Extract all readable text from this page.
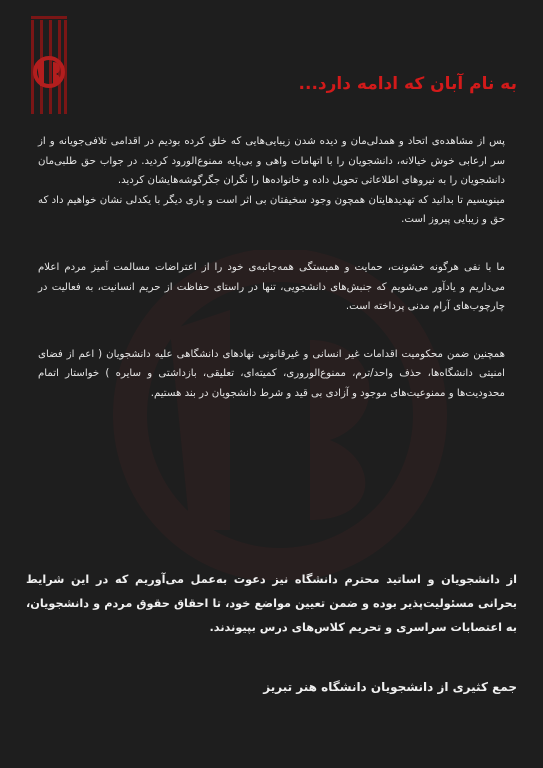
به نام آبان که ادامه دارد...

پس از مشاهده‌ی اتحاد و همدلی‌مان و دیده شدن زیبایی‌هایی که خلق کرده بودیم در اقدامی تلافی‌جویانه و از سر ارعابی خوش خیالانه، دانشجویان را با اتهامات واهی و بی‌پایه ممنوع‌الورود کردید. در جواب حق طلبی‌مان دانشجویان را به نیروهای اطلاعاتی تحویل داده و خانواده‌ها را نگران جگرگوشه‌هایشان کردید.

مینویسیم تا بدانید که تهدیدهایتان همچون وجود سخیفتان بی اثر است و باری دیگر با یکدلی نشان خواهیم داد که حق و زیبایی پیروز است.

ما با نفی هرگونه خشونت، حمایت و همبستگی همه‌جانبه‌ی خود را از اعتراضات مسالمت آمیز مردم اعلام می‌داریم و یادآور می‌شویم که جنبش‌های دانشجویی، تنها در راستای حفاظت از حریم انسانیت، به فعالیت در چارچوب‌های آرام مدنی پرداخته است.

همچنین ضمن محکومیت اقدامات غیر انسانی و غیرقانونی نهادهای دانشگاهی علیه دانشجویان ( اعم از فضای امنیتی دانشگاه‌ها، حذف واحد/ترم، ممنوع‌الوروری، کمیته‌ای، تعلیقی، بازداشتی و سایره ) خواستار اتمام محدودیت‌ها و ممنوعیت‌های موجود و آزادی بی قید و شرط دانشجویان در بند هستیم.

از دانشجویان و اساتید محترم دانشگاه نیز دعوت به‌عمل می‌آوریم که در این شرایط بحرانی مسئولیت‌پذیر بوده و ضمن تعیین مواضع خود، تا احقاق حقوق مردم و دانشجویان، به اعتصابات سراسری و تحریم کلاس‌های درس بپیوندند.

جمع کثیری از دانشجویان دانشگاه هنر تبریز
